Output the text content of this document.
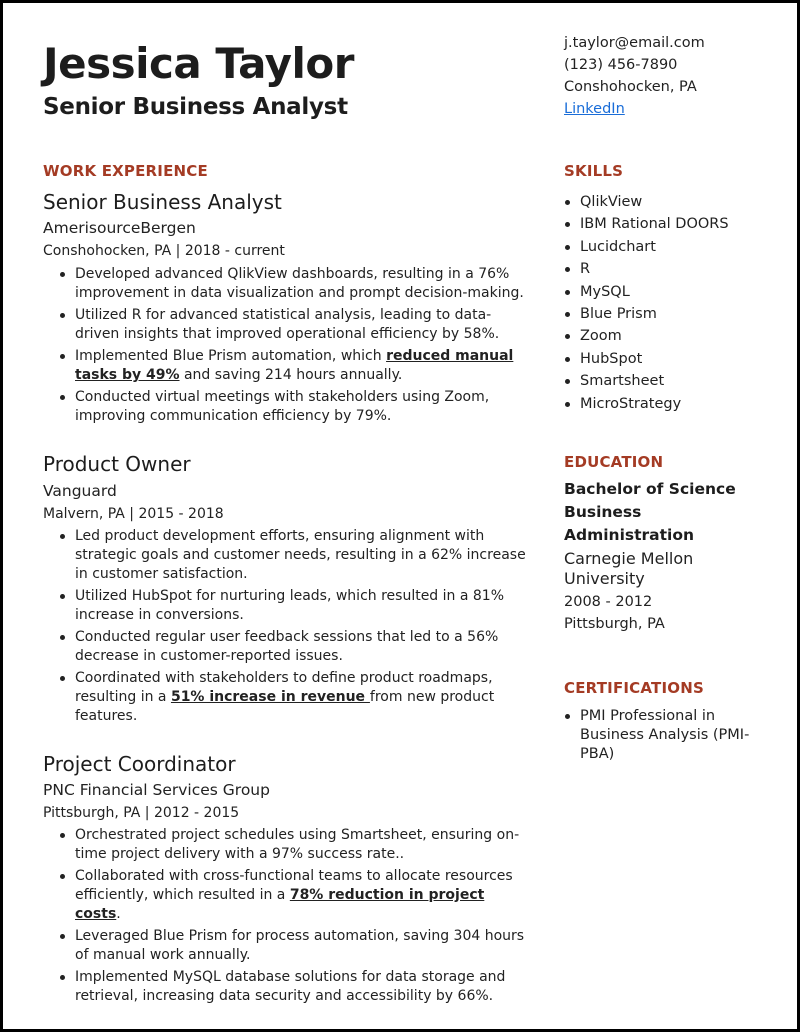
Jessica Taylor
Senior Business Analyst
j.taylor@email.com
(123) 456-7890
Conshohocken, PA
LinkedIn
WORK EXPERIENCE
Senior Business Analyst
AmerisourceBergen
Conshohocken, PA | 2018 - current
Developed advanced QlikView dashboards, resulting in a 76% improvement in data visualization and prompt decision-making.
Utilized R for advanced statistical analysis, leading to data-driven insights that improved operational efficiency by 58%.
Implemented Blue Prism automation, which reduced manual tasks by 49% and saving 214 hours annually.
Conducted virtual meetings with stakeholders using Zoom, improving communication efficiency by 79%.
Product Owner
Vanguard
Malvern, PA | 2015 - 2018
Led product development efforts, ensuring alignment with strategic goals and customer needs, resulting in a 62% increase in customer satisfaction.
Utilized HubSpot for nurturing leads, which resulted in a 81% increase in conversions.
Conducted regular user feedback sessions that led to a 56% decrease in customer-reported issues.
Coordinated with stakeholders to define product roadmaps, resulting in a 51% increase in revenue from new product features.
Project Coordinator
PNC Financial Services Group
Pittsburgh, PA | 2012 - 2015
Orchestrated project schedules using Smartsheet, ensuring on-time project delivery with a 97% success rate..
Collaborated with cross-functional teams to allocate resources efficiently, which resulted in a 78% reduction in project costs.
Leveraged Blue Prism for process automation, saving 304 hours of manual work annually.
Implemented MySQL database solutions for data storage and retrieval, increasing data security and accessibility by 66%.
SKILLS
QlikView
IBM Rational DOORS
Lucidchart
R
MySQL
Blue Prism
Zoom
HubSpot
Smartsheet
MicroStrategy
EDUCATION
Bachelor of Science
Business
Administration
Carnegie Mellon
University
2008 - 2012
Pittsburgh, PA
CERTIFICATIONS
PMI Professional in Business Analysis (PMI-PBA)
